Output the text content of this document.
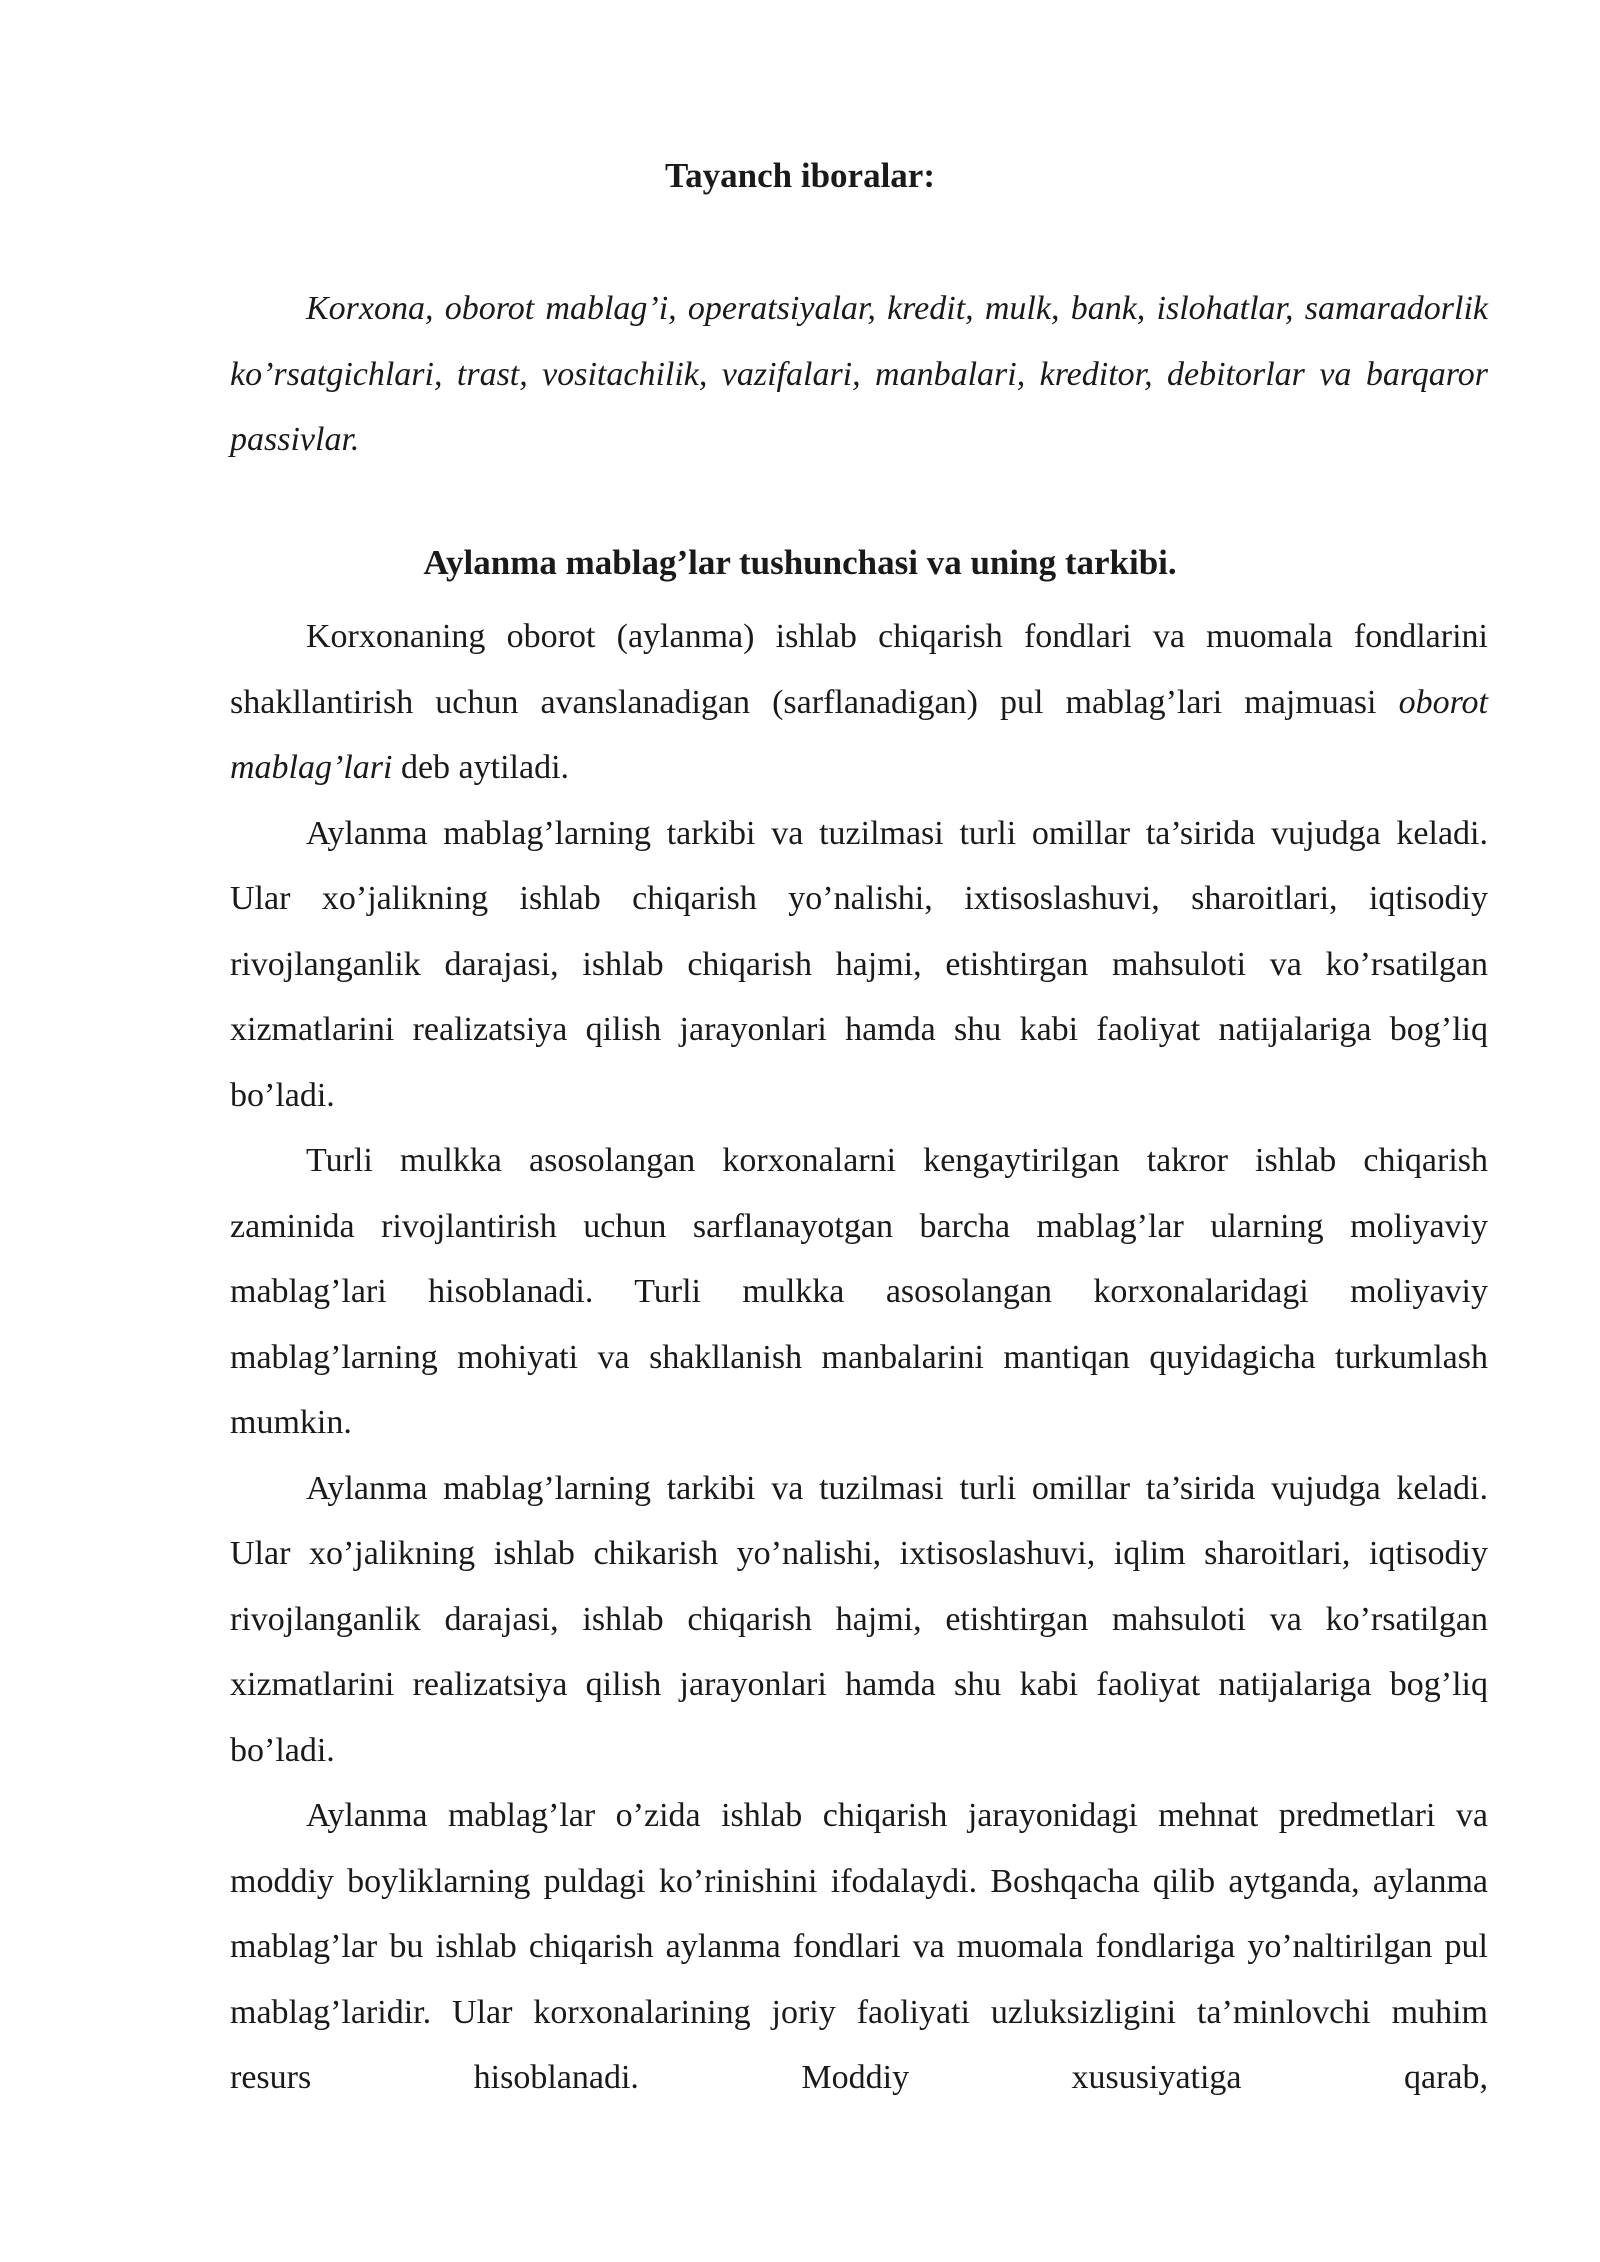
Tayanch iboralar:

Korxona, oborot mablag’i, operatsiyalar, kredit, mulk, bank, islohatlar, samaradorlik ko’rsatgichlari, trast, vositachilik, vazifalari, manbalari, kreditor, debitorlar va barqaror passivlar.

Aylanma mablag’lar tushunchasi va uning tarkibi.

Korxonaning oborot (aylanma) ishlab chiqarish fondlari va muomala fondlarini shakllantirish uchun avanslanadigan (sarflanadigan) pul mablag’lari majmuasi oborot mablag’lari deb aytiladi.

Aylanma mablag’larning tarkibi va tuzilmasi turli omillar ta’sirida vujudga keladi. Ular xo’jalikning ishlab chiqarish yo’nalishi, ixtisoslashuvi, sharoitlari, iqtisodiy rivojlanganlik darajasi, ishlab chiqarish hajmi, etishtirgan mahsuloti va ko’rsatilgan xizmatlarini realizatsiya qilish jarayonlari hamda shu kabi faoliyat natijalariga bog’liq bo’ladi.

Turli mulkka asosolangan korxonalarni kengaytirilgan takror ishlab chiqarish zaminida rivojlantirish uchun sarflanayotgan barcha mablag’lar ularning moliyaviy mablag’lari hisoblanadi. Turli mulkka asosolangan korxonalaridagi moliyaviy mablag’larning mohiyati va shakllanish manbalarini mantiqan quyidagicha turkumlash mumkin.

Aylanma mablag’larning tarkibi va tuzilmasi turli omillar ta’sirida vujudga keladi. Ular xo’jalikning ishlab chikarish yo’nalishi, ixtisoslashuvi, iqlim sharoitlari, iqtisodiy rivojlanganlik darajasi, ishlab chiqarish hajmi, etishtirgan mahsuloti va ko’rsatilgan xizmatlarini realizatsiya qilish jarayonlari hamda shu kabi faoliyat natijalariga bog’liq bo’ladi.

Aylanma mablag’lar o’zida ishlab chiqarish jarayonidagi mehnat predmetlari va moddiy boyliklarning puldagi ko’rinishini ifodalaydi. Boshqacha qilib aytganda, aylanma mablag’lar bu ishlab chiqarish aylanma fondlari va muomala fondlariga yo’naltirilgan pul mablag’laridir. Ular korxonalarining joriy faoliyati uzluksizligini ta’minlovchi muhim resurs hisoblanadi. Moddiy xususiyatiga qarab,
